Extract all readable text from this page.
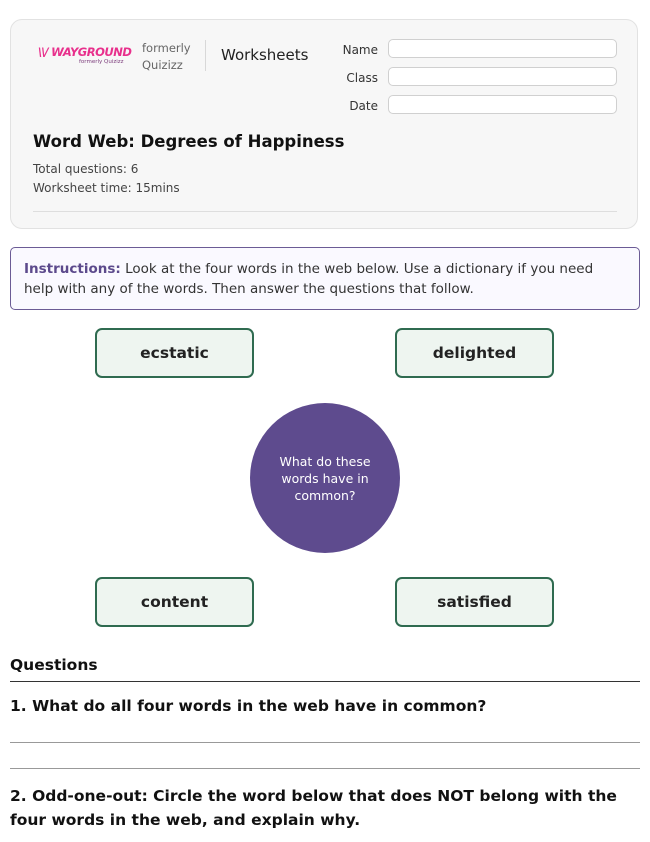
\\/ WAYGROUND
formerly Quizizz
formerly
Quizizz
Worksheets	Name
Class
Date
Word Web: Degrees of Happiness
Total questions: 6
Worksheet time: 15mins
Instructions: Look at the four words in the web below. Use a dictionary if you need help with any of the words. Then answer the questions that follow.
ecstatic	delighted
What do these words have in common?
content	satisfied
Questions
1. What do all four words in the web have in common?
2. Odd-one-out: Circle the word below that does NOT belong with the four words in the web, and explain why.
